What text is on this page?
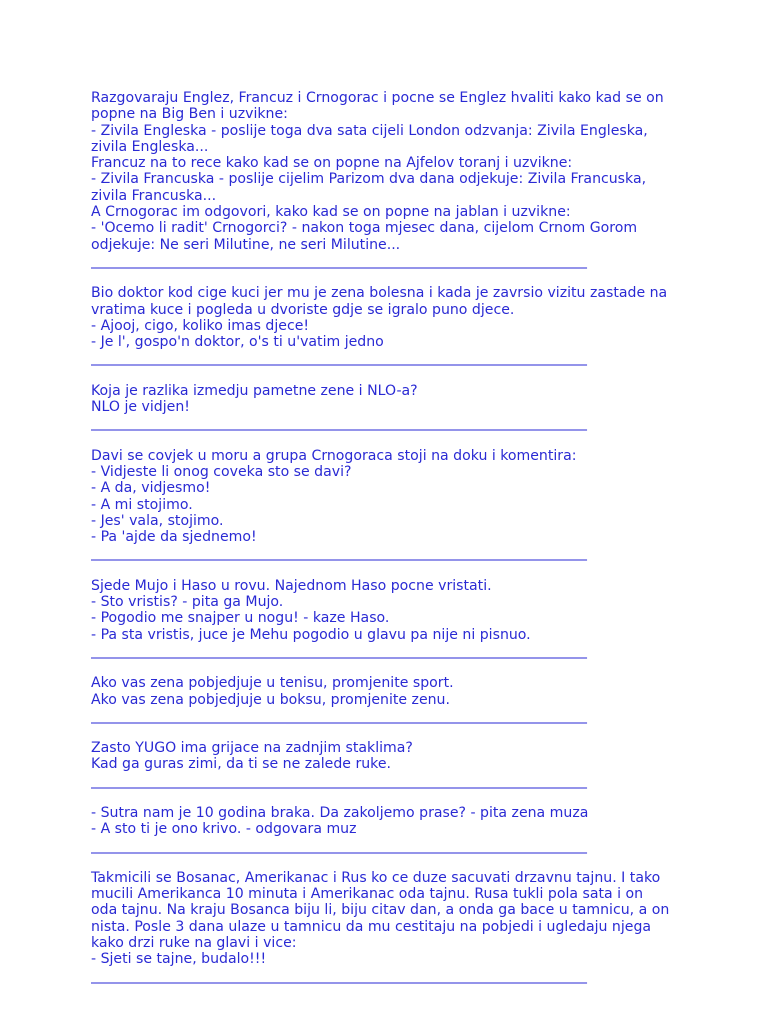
Razgovaraju Englez, Francuz i Crnogorac i pocne se Englez hvaliti kako kad se on
popne na Big Ben i uzvikne:
- Zivila Engleska - poslije toga dva sata cijeli London odzvanja: Zivila Engleska,
zivila Engleska...
Francuz na to rece kako kad se on popne na Ajfelov toranj i uzvikne:
- Zivila Francuska - poslije cijelim Parizom dva dana odjekuje: Zivila Francuska,
zivila Francuska...
A Crnogorac im odgovori, kako kad se on popne na jablan i uzvikne:
- 'Ocemo li radit' Crnogorci? - nakon toga mjesec dana, cijelom Crnom Gorom
odjekuje: Ne seri Milutine, ne seri Milutine...
__________________________________________________________________________
Bio doktor kod cige kuci jer mu je zena bolesna i kada je zavrsio vizitu zastade na
vratima kuce i pogleda u dvoriste gdje se igralo puno djece.
- Ajooj, cigo, koliko imas djece!
- Je l', gospo'n doktor, o's ti u'vatim jedno
__________________________________________________________________________
Koja je razlika izmedju pametne zene i NLO-a?
NLO je vidjen!
__________________________________________________________________________
Davi se covjek u moru a grupa Crnogoraca stoji na doku i komentira:
- Vidjeste li onog coveka sto se davi?
- A da, vidjesmo!
- A mi stojimo.
- Jes' vala, stojimo.
- Pa 'ajde da sjednemo!
__________________________________________________________________________
Sjede Mujo i Haso u rovu. Najednom Haso pocne vristati.
- Sto vristis? - pita ga Mujo.
- Pogodio me snajper u nogu! - kaze Haso.
- Pa sta vristis, juce je Mehu pogodio u glavu pa nije ni pisnuo.
__________________________________________________________________________
Ako vas zena pobjedjuje u tenisu, promjenite sport.
Ako vas zena pobjedjuje u boksu, promjenite zenu.
__________________________________________________________________________
Zasto YUGO ima grijace na zadnjim staklima?
Kad ga guras zimi, da ti se ne zalede ruke.
__________________________________________________________________________
- Sutra nam je 10 godina braka. Da zakoljemo prase? - pita zena muza
- A sto ti je ono krivo. - odgovara muz
__________________________________________________________________________
Takmicili se Bosanac, Amerikanac i Rus ko ce duze sacuvati drzavnu tajnu. I tako
mucili Amerikanca 10 minuta i Amerikanac oda tajnu. Rusa tukli pola sata i on
oda tajnu. Na kraju Bosanca biju li, biju citav dan, a onda ga bace u tamnicu, a on
nista. Posle 3 dana ulaze u tamnicu da mu cestitaju na pobjedi i ugledaju njega
kako drzi ruke na glavi i vice:
- Sjeti se tajne, budalo!!!
__________________________________________________________________________
